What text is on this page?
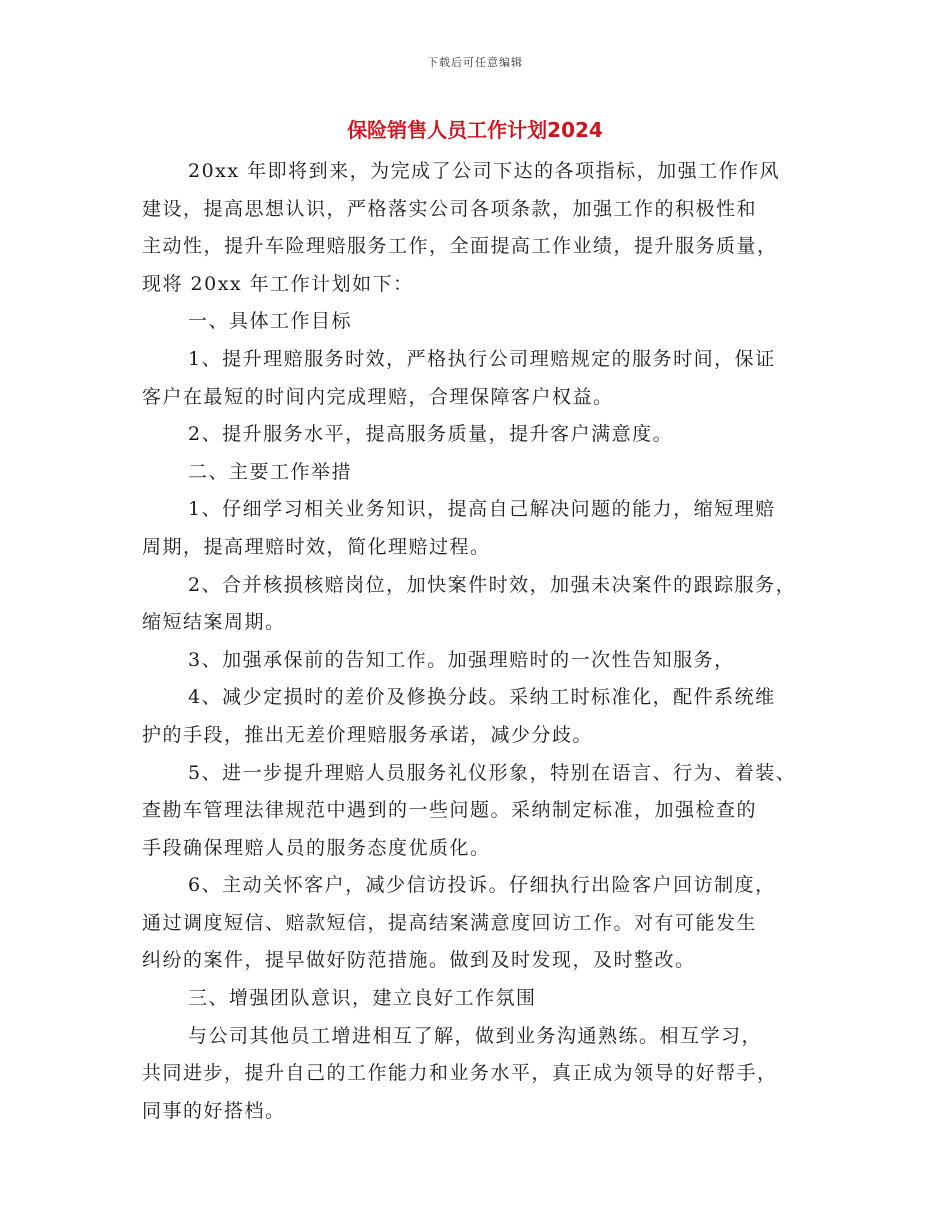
下载后可任意编辑
保险销售人员工作计划2024
20xx 年即将到来，为完成了公司下达的各项指标，加强工作作风
建设，提高思想认识，严格落实公司各项条款，加强工作的积极性和
主动性，提升车险理赔服务工作，全面提高工作业绩，提升服务质量，
现将 20xx 年工作计划如下：
一、具体工作目标
1、提升理赔服务时效，严格执行公司理赔规定的服务时间，保证
客户在最短的时间内完成理赔，合理保障客户权益。
2、提升服务水平，提高服务质量，提升客户满意度。
二、主要工作举措
1、仔细学习相关业务知识，提高自己解决问题的能力，缩短理赔
周期，提高理赔时效，简化理赔过程。
2、合并核损核赔岗位，加快案件时效，加强未决案件的跟踪服务，
缩短结案周期。
3、加强承保前的告知工作。加强理赔时的一次性告知服务，
4、减少定损时的差价及修换分歧。采纳工时标准化，配件系统维
护的手段，推出无差价理赔服务承诺，减少分歧。
5、进一步提升理赔人员服务礼仪形象，特别在语言、行为、着装、
查勘车管理法律规范中遇到的一些问题。采纳制定标准，加强检查的
手段确保理赔人员的服务态度优质化。
6、主动关怀客户，减少信访投诉。仔细执行出险客户回访制度，
通过调度短信、赔款短信，提高结案满意度回访工作。对有可能发生
纠纷的案件，提早做好防范措施。做到及时发现，及时整改。
三、增强团队意识，建立良好工作氛围
与公司其他员工增进相互了解，做到业务沟通熟练。相互学习，
共同进步，提升自己的工作能力和业务水平，真正成为领导的好帮手，
同事的好搭档。
